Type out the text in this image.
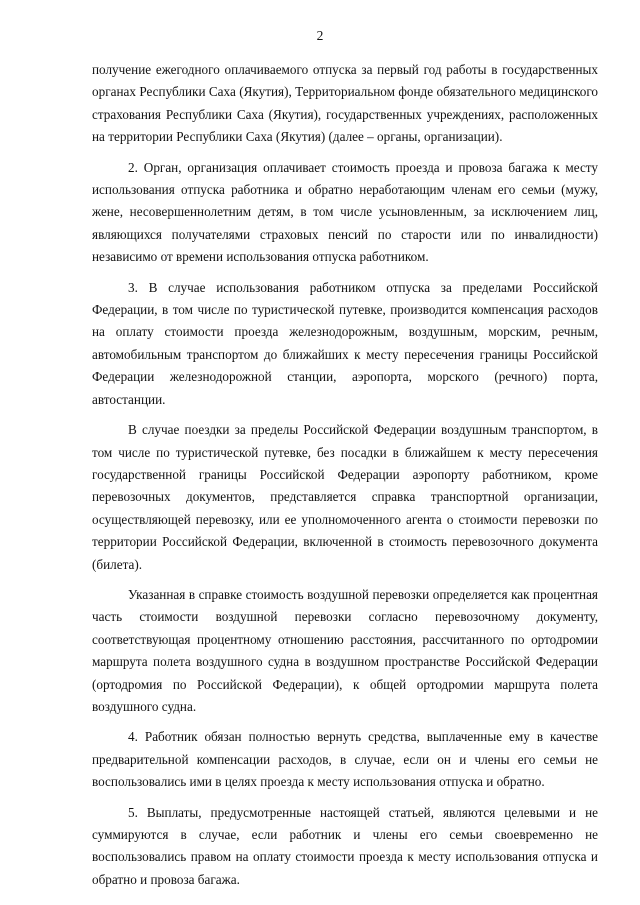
2

получение ежегодного оплачиваемого отпуска за первый год работы в государственных органах Республики Саха (Якутия), Территориальном фонде обязательного медицинского страхования Республики Саха (Якутия), государственных учреждениях, расположенных на территории Республики Саха (Якутия) (далее – органы, организации).

2. Орган, организация оплачивает стоимость проезда и провоза багажа к месту использования отпуска работника и обратно неработающим членам его семьи (мужу, жене, несовершеннолетним детям, в том числе усыновленным, за исключением лиц, являющихся получателями страховых пенсий по старости или по инвалидности) независимо от времени использования отпуска работником.

3. В случае использования работником отпуска за пределами Российской Федерации, в том числе по туристической путевке, производится компенсация расходов на оплату стоимости проезда железнодорожным, воздушным, морским, речным, автомобильным транспортом до ближайших к месту пересечения границы Российской Федерации железнодорожной станции, аэропорта, морского (речного) порта, автостанции.

В случае поездки за пределы Российской Федерации воздушным транспортом, в том числе по туристической путевке, без посадки в ближайшем к месту пересечения государственной границы Российской Федерации аэропорту работником, кроме перевозочных документов, представляется справка транспортной организации, осуществляющей перевозку, или ее уполномоченного агента о стоимости перевозки по территории Российской Федерации, включенной в стоимость перевозочного документа (билета).

Указанная в справке стоимость воздушной перевозки определяется как процентная часть стоимости воздушной перевозки согласно перевозочному документу, соответствующая процентному отношению расстояния, рассчитанного по ортодромии маршрута полета воздушного судна в воздушном пространстве Российской Федерации (ортодромия по Российской Федерации), к общей ортодромии маршрута полета воздушного судна.

4. Работник обязан полностью вернуть средства, выплаченные ему в качестве предварительной компенсации расходов, в случае, если он и члены его семьи не воспользовались ими в целях проезда к месту использования отпуска и обратно.

5. Выплаты, предусмотренные настоящей статьей, являются целевыми и не суммируются в случае, если работник и члены его семьи своевременно не воспользовались правом на оплату стоимости проезда к месту использования отпуска и обратно и провоза багажа.
